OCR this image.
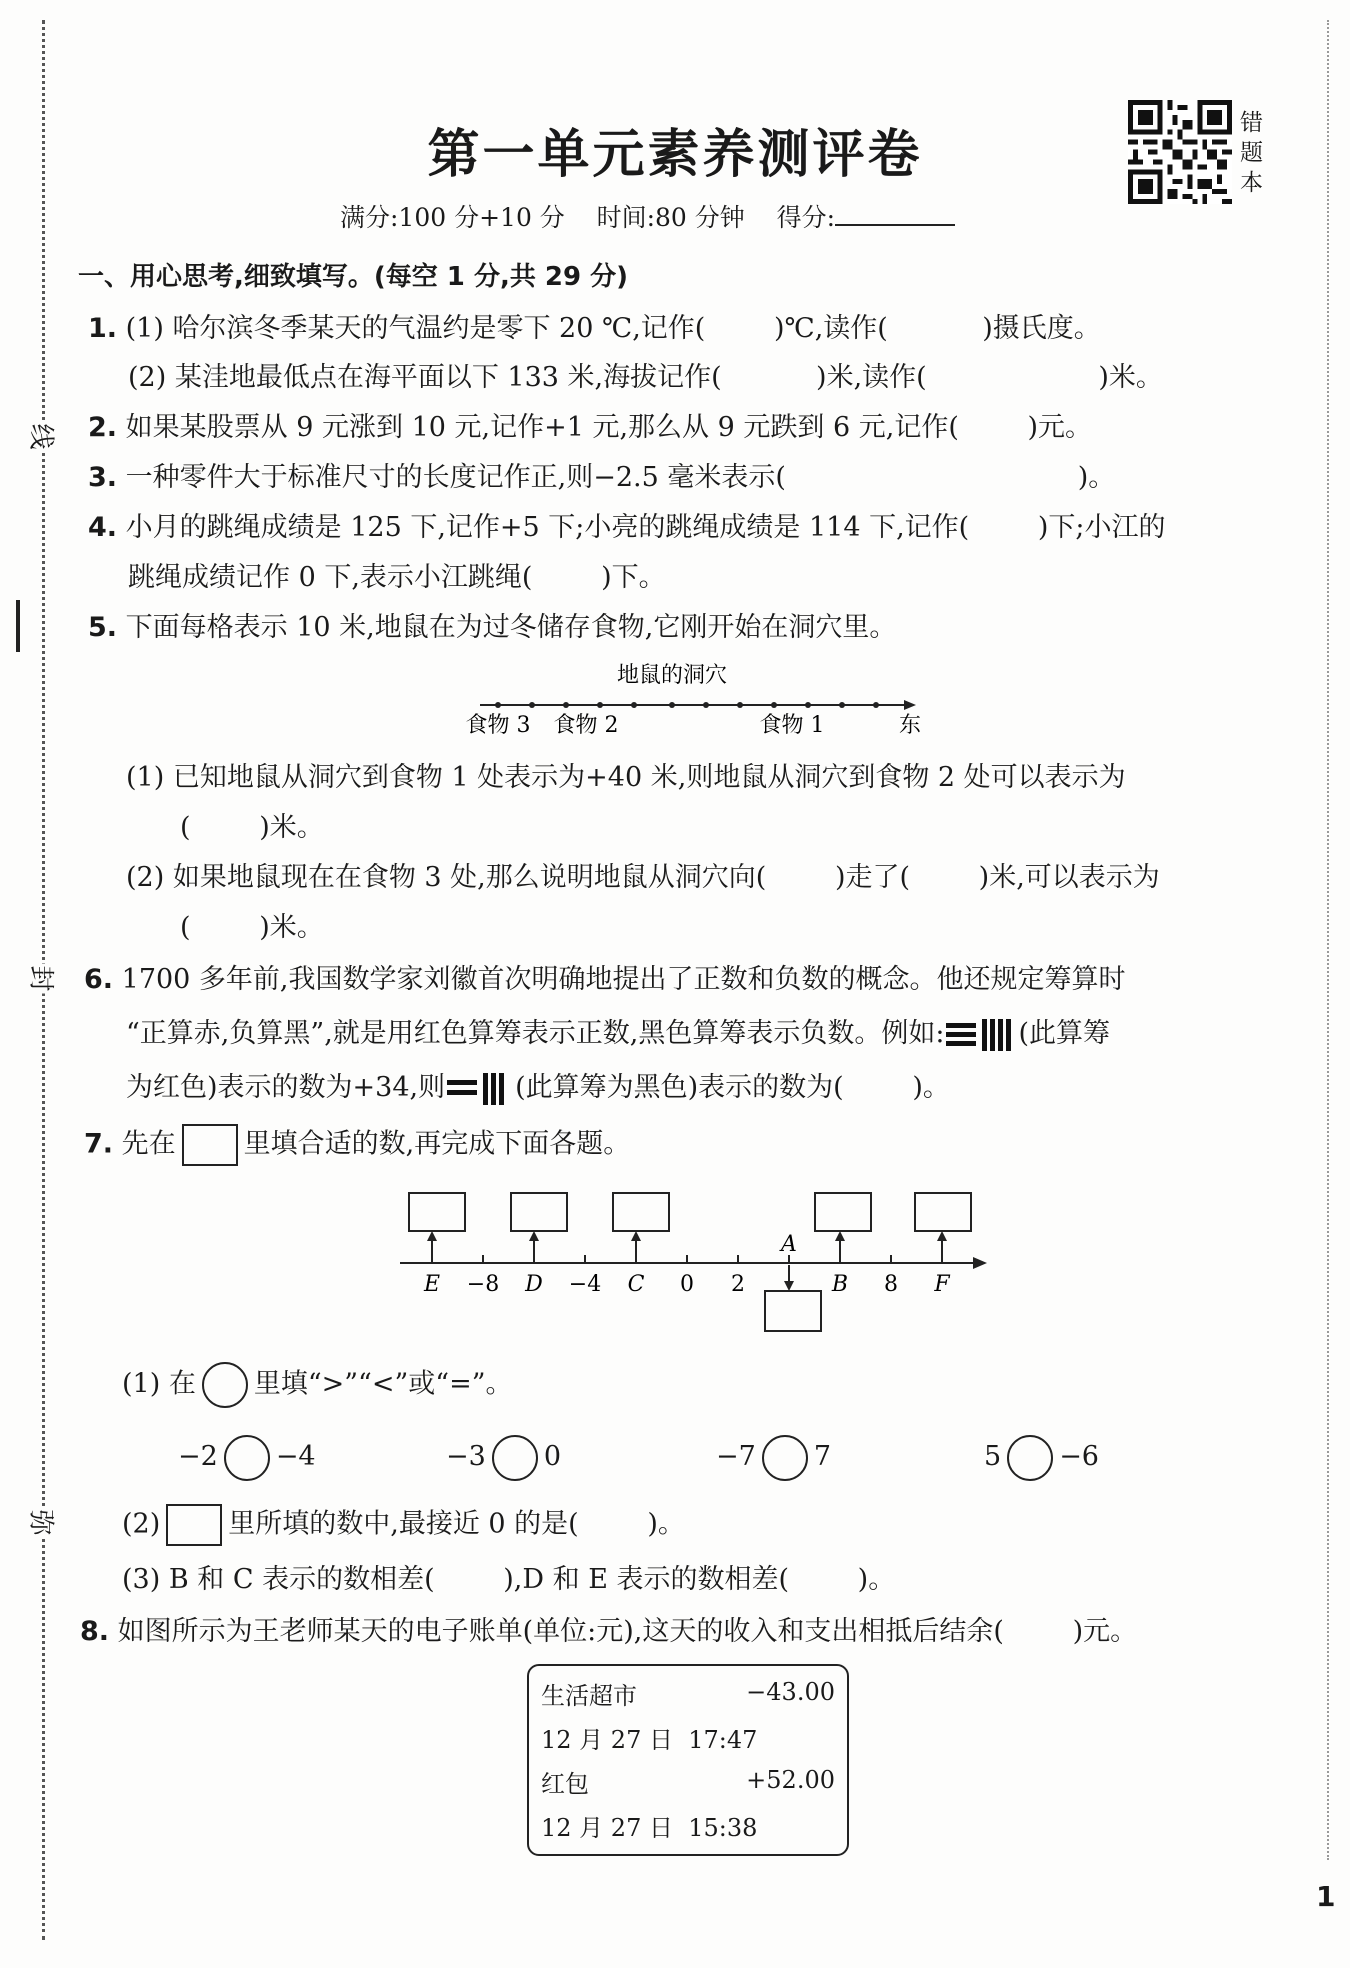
线
封
弥
第一单元素养测评卷
错题本
满分:100 分+10 分 时间:80 分钟 得分:
一、用心思考,细致填写。(每空 1 分,共 29 分)
1. (1) 哈尔滨冬季某天的气温约是零下 20 ℃,记作(        )℃,读作(           )摄氏度。
(2) 某洼地最低点在海平面以下 133 米,海拔记作(           )米,读作(                    )米。
2. 如果某股票从 9 元涨到 10 元,记作+1 元,那么从 9 元跌到 6 元,记作(        )元。
3. 一种零件大于标准尺寸的长度记作正,则−2.5 毫米表示(                                  )。
4. 小月的跳绳成绩是 125 下,记作+5 下;小亮的跳绳成绩是 114 下,记作(        )下;小江的
跳绳成绩记作 0 下,表示小江跳绳(        )下。
5. 下面每格表示 10 米,地鼠在为过冬储存食物,它刚开始在洞穴里。
地鼠的洞穴
食物 3 食物 2	食物 1	东
(1) 已知地鼠从洞穴到食物 1 处表示为+40 米,则地鼠从洞穴到食物 2 处可以表示为
(        )米。
(2) 如果地鼠现在在食物 3 处,那么说明地鼠从洞穴向(        )走了(        )米,可以表示为
(        )米。
6. 1700 多年前,我国数学家刘徽首次明确地提出了正数和负数的概念。他还规定筹算时
“正算赤,负算黑”,就是用红色算筹表示正数,黑色算筹表示负数。例如:	(此算筹
为红色)表示的数为+34,则	(此算筹为黑色)表示的数为(        )。
7. 先在	里填合适的数,再完成下面各题。
A
E −8 D −4 C 0 2	B 8 F
(1) 在 里填“>”“<”或“=”。
−2 −4	−3 0	−7 7	5 −6
(2)	里所填的数中,最接近 0 的是(        )。
(3) B 和 C 表示的数相差(        ),D 和 E 表示的数相差(        )。
8. 如图所示为王老师某天的电子账单(单位:元),这天的收入和支出相抵后结余(        )元。
生活超市	−43.00
12 月 27 日  17:47
红包	+52.00
12 月 27 日  15:38
1
